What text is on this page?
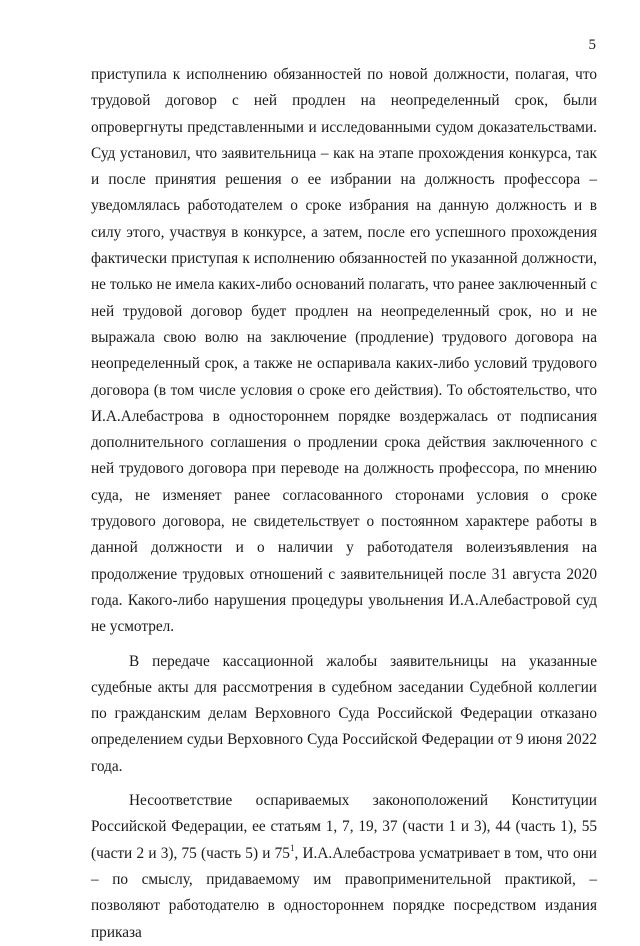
5

приступила к исполнению обязанностей по новой должности, полагая, что трудовой договор с ней продлен на неопределенный срок, были опровергнуты представленными и исследованными судом доказательствами. Суд установил, что заявительница – как на этапе прохождения конкурса, так и после принятия решения о ее избрании на должность профессора – уведомлялась работодателем о сроке избрания на данную должность и в силу этого, участвуя в конкурсе, а затем, после его успешного прохождения фактически приступая к исполнению обязанностей по указанной должности, не только не имела каких-либо оснований полагать, что ранее заключенный с ней трудовой договор будет продлен на неопределенный срок, но и не выражала свою волю на заключение (продление) трудового договора на неопределенный срок, а также не оспаривала каких-либо условий трудового договора (в том числе условия о сроке его действия). То обстоятельство, что И.А.Алебастрова в одностороннем порядке воздержалась от подписания дополнительного соглашения о продлении срока действия заключенного с ней трудового договора при переводе на должность профессора, по мнению суда, не изменяет ранее согласованного сторонами условия о сроке трудового договора, не свидетельствует о постоянном характере работы в данной должности и о наличии у работодателя волеизъявления на продолжение трудовых отношений с заявительницей после 31 августа 2020 года. Какого-либо нарушения процедуры увольнения И.А.Алебастровой суд не усмотрел.

В передаче кассационной жалобы заявительницы на указанные судебные акты для рассмотрения в судебном заседании Судебной коллегии по гражданским делам Верховного Суда Российской Федерации отказано определением судьи Верховного Суда Российской Федерации от 9 июня 2022 года.

Несоответствие оспариваемых законоположений Конституции Российской Федерации, ее статьям 1, 7, 19, 37 (части 1 и 3), 44 (часть 1), 55 (части 2 и 3), 75 (часть 5) и $75^1$, И.А.Алебастрова усматривает в том, что они – по смыслу, придаваемому им правоприменительной практикой, – позволяют работодателю в одностороннем порядке посредством издания приказа
